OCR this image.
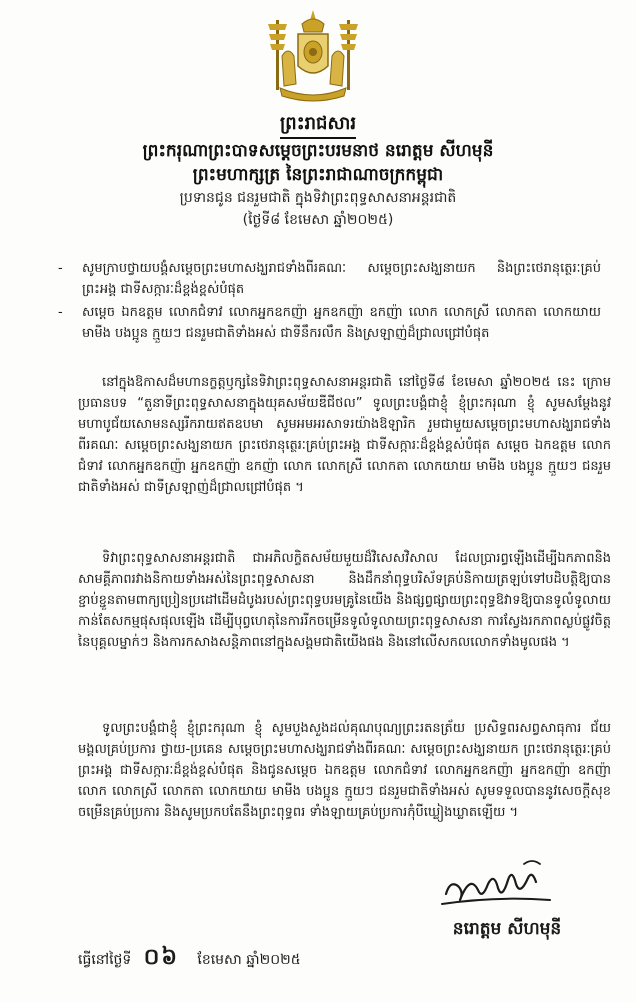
ព្រះរាជសារ

ព្រះករុណាព្រះបាទសម្តេចព្រះបរមនាថ នរោត្តម សីហមុនី

ព្រះមហាក្សត្រ នៃព្រះរាជាណាចក្រកម្ពុជា

ប្រទានជូន ជនរួមជាតិ ក្នុងទិវាព្រះពុទ្ធសាសនាអន្តរជាតិ

(ថ្ងៃទី៨ ខែមេសា ឆ្នាំ២០២៥)

- សូមក្រាបថ្វាយបង្គំសម្តេចព្រះមហាសង្ឃរាជទាំងពីរគណៈ សម្តេចព្រះសង្ឃនាយក និងព្រះថេរានុត្ថេរៈគ្រប់ព្រះអង្គ ជាទីសក្ការៈដ៏ខ្ពង់ខ្ពស់បំផុត
- សម្តេច ឯកឧត្តម លោកជំទាវ លោកអ្នកឧកញ៉ា អ្នកឧកញ៉ា ឧកញ៉ា លោក លោកស្រី លោកតា លោកយាយ មាមីង បងប្អូន ក្មួយៗ ជនរួមជាតិទាំងអស់ ជាទីនឹករលឹក និងស្រឡាញ់ដ៏ជ្រាលជ្រៅបំផុត

នៅក្នុងឱកាសដ៏មហានក្ខត្តឫក្សនៃទិវាព្រះពុទ្ធសាសនាអន្តរជាតិ នៅថ្ងៃទី៨ ខែមេសា ឆ្នាំ២០២៥ នេះ ក្រោមប្រធានបទ “តួនាទីព្រះពុទ្ធសាសនាក្នុងយុគសម័យឌីជីថល” ទូលព្រះបង្គំជាខ្ញុំ ខ្ញុំព្រះករុណា ខ្ញុំ សូមសម្តែងនូវមហាបូជ័យសោមនស្សរីករាយឥតឧបមា សូមអមអរសាទរយ៉ាងឱឡារិក រួមជាមួយសម្តេចព្រះមហាសង្ឃរាជទាំងពីរគណៈ សម្តេចព្រះសង្ឃនាយក ព្រះថេរានុត្ថេរៈគ្រប់ព្រះអង្គ ជាទីសក្ការៈដ៏ខ្ពង់ខ្ពស់បំផុត សម្តេច ឯកឧត្តម លោកជំទាវ លោកអ្នកឧកញ៉ា អ្នកឧកញ៉ា ឧកញ៉ា លោក លោកស្រី លោកតា លោកយាយ មាមីង បងប្អូន ក្មួយៗ ជនរួមជាតិទាំងអស់ ជាទីស្រឡាញ់ដ៏ជ្រាលជ្រៅបំផុត ។

ទិវាព្រះពុទ្ធសាសនាអន្តរជាតិ ជាអភិលក្ខិតសម័យមួយដ៏វិសេសវិសាល ដែលប្រារព្ធឡើងដើម្បីឯកភាពនិងសាមគ្គីភាពរវាងនិកាយទាំងអស់នៃព្រះពុទ្ធសាសនា និងដឹកនាំពុទ្ធបរិស័ទគ្រប់និកាយត្រឡប់ទៅបដិបត្តិឱ្យបានខ្ជាប់ខ្ជួនតាមពាក្យប្រៀនប្រដៅដើមដំបូងរបស់ព្រះពុទ្ធបរមគ្រូនៃយើង និងផ្សព្វផ្សាយព្រះពុទ្ធឱវាទឱ្យបានទូលំទូលាយ កាន់តែសកម្មផុសផុលឡើង ដើម្បីបុព្វហេតុនៃការរីកចម្រើនទូលំទូលាយព្រះពុទ្ធសាសនា ការស្វែងរកភាពស្ងប់ផ្លូវចិត្តនៃបុគ្គលម្នាក់ៗ និងការកសាងសន្តិភាពនៅក្នុងសង្គមជាតិយើងផង និងនៅលើសកលលោកទាំងមូលផង ។

ទូលព្រះបង្គំជាខ្ញុំ ខ្ញុំព្រះករុណា ខ្ញុំ សូមបួងសួងដល់គុណបុណ្យព្រះរតនត្រ័យ ប្រសិទ្ធពរសព្វសាធុការ ជ័យមង្គលគ្រប់ប្រការ ថ្វាយ-ប្រគេន សម្តេចព្រះមហាសង្ឃរាជទាំងពីរគណៈ សម្តេចព្រះសង្ឃនាយក ព្រះថេរានុត្ថេរៈគ្រប់ព្រះអង្គ ជាទីសក្ការៈដ៏ខ្ពង់ខ្ពស់បំផុត និងជូនសម្តេច ឯកឧត្តម លោកជំទាវ លោកអ្នកឧកញ៉ា អ្នកឧកញ៉ា ឧកញ៉ា លោក លោកស្រី លោកតា លោកយាយ មាមីង បងប្អូន ក្មួយៗ ជនរួមជាតិទាំងអស់ សូមទទួលបាននូវសេចក្តីសុខចម្រើនគ្រប់ប្រការ និងសូមប្រកបតែនឹងព្រះពុទ្ធពរ ទាំងឡាយគ្រប់ប្រការកុំបីឃ្លៀងឃ្លាតឡើយ ។

នរោត្តម សីហមុនី
ធ្វើនៅថ្ងៃទី ០៦ ខែមេសា ឆ្នាំ២០២៥
